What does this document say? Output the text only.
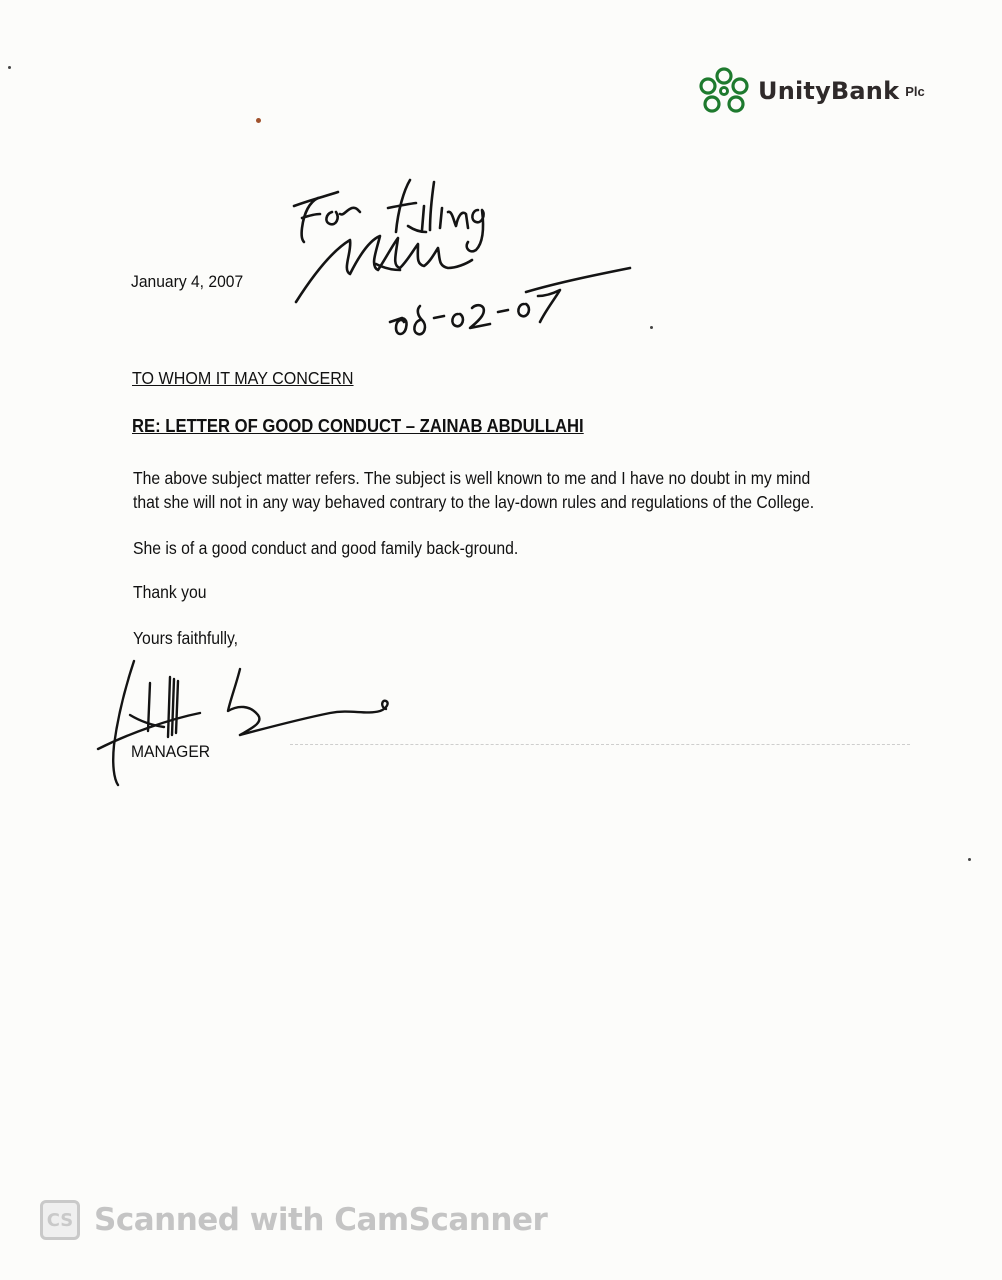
UnityBank Plc
January 4, 2007
TO WHOM IT MAY CONCERN
RE: LETTER OF GOOD CONDUCT – ZAINAB ABDULLAHI
The above subject matter refers. The subject is well known to me and I have no doubt in my mind
that she will not in any way behaved contrary to the lay-down rules and regulations of the College.
She is of a good conduct and good family back-ground.
Thank you
Yours faithfully,
MANAGER
CS Scanned with CamScanner
